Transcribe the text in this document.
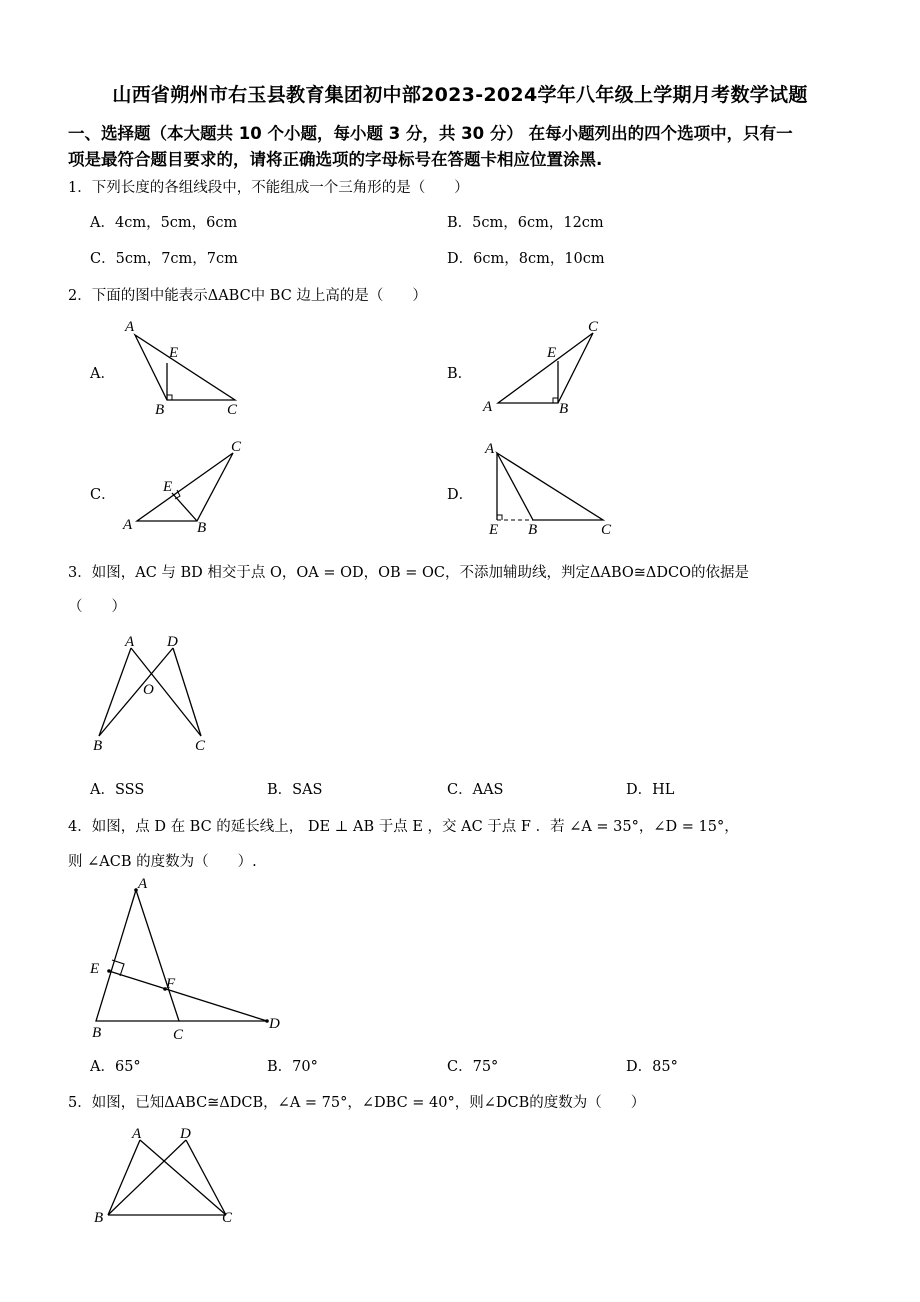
山西省朔州市右玉县教育集团初中部2023-2024学年八年级上学期月考数学试题
一、选择题（本大题共 10 个小题，每小题 3 分，共 30 分） 在每小题列出的四个选项中，只有一
项是最符合题目要求的，请将正确选项的字母标号在答题卡相应位置涂黑.
1．下列长度的各组线段中，不能组成一个三角形的是（　　）
A．4cm，5cm，6cm	B．5cm，6cm，12cm
C．5cm，7cm，7cm	D．6cm，8cm，10cm
2．下面的图中能表示ΔABC中 BC 边上高的是（　　）
A．	B．
C．	D．
A
E
B	C	A
E
B
C
A
E
B
C	A
E B	C
3．如图，AC 与 BD 相交于点 O，OA = OD，OB = OC，不添加辅助线，判定ΔABO≅ΔDCO的依据是
（　　）
A D
O
B	C
A．SSS	B．SAS	C．AAS	D．HL
4．如图，点 D 在 BC 的延长线上， DE ⊥ AB 于点 E ，交 AC 于点 F ．若 ∠A = 35°，∠D = 15°，
则 ∠ACB 的度数为（　　）.
A
E
F
B	C
D
A．65°	B．70°	C．75°	D．85°
5．如图，已知ΔABC≅ΔDCB，∠A = 75°，∠DBC = 40°，则∠DCB的度数为（　　）
A	D
B	C
